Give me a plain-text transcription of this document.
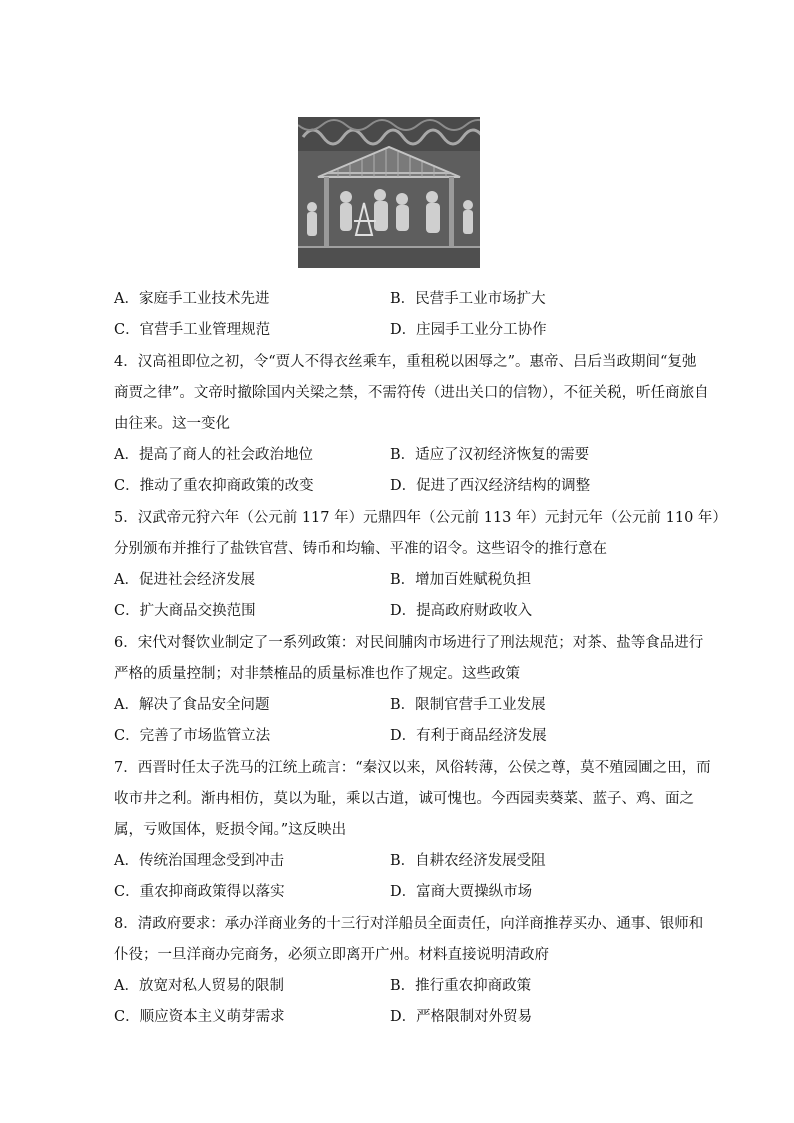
A．家庭手工业技术先进	B．民营手工业市场扩大
C．官营手工业管理规范	D．庄园手工业分工协作
4．汉高祖即位之初，令“贾人不得衣丝乘车，重租税以困辱之”。惠帝、吕后当政期间“复弛
商贾之律”。文帝时撤除国内关梁之禁，不需符传（进出关口的信物），不征关税，听任商旅自
由往来。这一变化
A．提高了商人的社会政治地位	B．适应了汉初经济恢复的需要
C．推动了重农抑商政策的改变	D．促进了西汉经济结构的调整
5．汉武帝元狩六年（公元前 117 年）元鼎四年（公元前 113 年）元封元年（公元前 110 年）
分别颁布并推行了盐铁官营、铸币和均输、平准的诏令。这些诏令的推行意在
A．促进社会经济发展	B．增加百姓赋税负担
C．扩大商品交换范围	D．提高政府财政收入
6．宋代对餐饮业制定了一系列政策：对民间脯肉市场进行了刑法规范；对茶、盐等食品进行
严格的质量控制；对非禁榷品的质量标准也作了规定。这些政策
A．解决了食品安全问题	B．限制官营手工业发展
C．完善了市场监管立法	D．有利于商品经济发展
7．西晋时任太子洗马的江统上疏言：“秦汉以来，风俗转薄，公侯之尊，莫不殖园圃之田，而
收市井之利。渐冉相仿，莫以为耻，乘以古道，诚可愧也。今西园卖葵菜、蓝子、鸡、面之
属，亏败国体，贬损令闻。”这反映出
A．传统治国理念受到冲击	B．自耕农经济发展受阻
C．重农抑商政策得以落实	D．富商大贾操纵市场
8．清政府要求：承办洋商业务的十三行对洋船员全面责任，向洋商推荐买办、通事、银师和
仆役；一旦洋商办完商务，必须立即离开广州。材料直接说明清政府
A．放宽对私人贸易的限制	B．推行重农抑商政策
C．顺应资本主义萌芽需求	D．严格限制对外贸易
